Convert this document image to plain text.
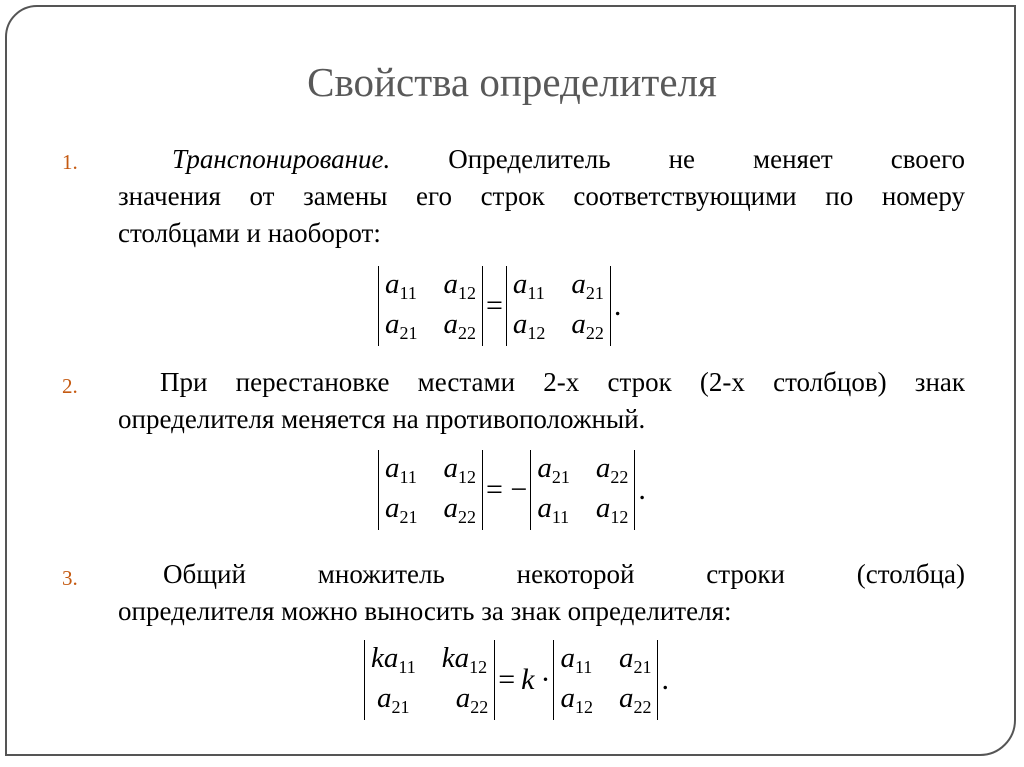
Свойства определителя
1.	Транспонирование. Определитель не меняет своего
значения от замены его строк соответствующими по номеру
столбцами и наоборот:
$a_{11}$ $a_{12}$
$a_{21}$ $a_{22}$
=
$a_{11}$ $a_{21}$
$a_{12}$ $a_{22}$
.
2.	При перестановке местами 2-х строк (2-х столбцов) знак
определителя меняется на противоположный.
$a_{11}$ $a_{12}$
$a_{21}$ $a_{22}$
= −
$a_{21}$ $a_{22}$
$a_{11}$ $a_{12}$
.
3.	Общий множитель некоторой строки (столбца)
определителя можно выносить за знак определителя:
$ka_{11}$ $ka_{12}$
$a_{21}$	$a_{22}$
= k ·
$a_{11}$ $a_{21}$
$a_{12}$ $a_{22}$
.
